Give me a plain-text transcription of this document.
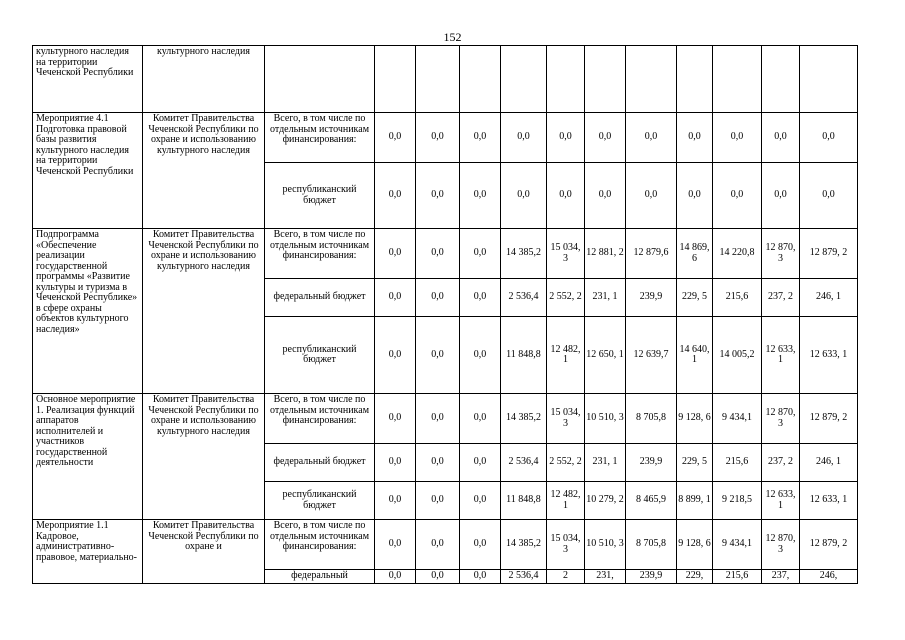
152
культурного наследия на территории Чеченской Республики	культурного наследия												
Мероприятие 4.1 Подготовка правовой базы развития культурного наследия на территории Чеченской Республики	Комитет Правительства Чеченской Республики по охране и использованию культурного наследия	Всего, в том числе по отдельным источникам финансирования:	0,0	0,0	0,0	0,0	0,0	0,0	0,0	0,0	0,0	0,0	0,0
		республиканский бюджет	0,0	0,0	0,0	0,0	0,0	0,0	0,0	0,0	0,0	0,0	0,0
Подпрограмма «Обеспечение реализации государственной программы «Развитие культуры и туризма в Чеченской Республике» в сфере охраны объектов культурного наследия»	Комитет Правительства Чеченской Республики по охране и использованию культурного наследия	Всего, в том числе по отдельным источникам финансирования:	0,0	0,0	0,0	14 385,2	15 034, 3	12 881, 2	12 879,6	14 869, 6	14 220,8	12 870, 3	12 879, 2
		федеральный бюджет	0,0	0,0	0,0	2 536,4	2 552, 2	231, 1	239,9	229, 5	215,6	237, 2	246, 1
		республиканский бюджет	0,0	0,0	0,0	11 848,8	12 482, 1	12 650, 1	12 639,7	14 640, 1	14 005,2	12 633, 1	12 633, 1
Основное мероприятие 1. Реализация функций аппаратов исполнителей и участников государственной деятельности	Комитет Правительства Чеченской Республики по охране и использованию культурного наследия	Всего, в том числе по отдельным источникам финансирования:	0,0	0,0	0,0	14 385,2	15 034, 3	10 510, 3	8 705,8	9 128, 6	9 434,1	12 870, 3	12 879, 2
		федеральный бюджет	0,0	0,0	0,0	2 536,4	2 552, 2	231, 1	239,9	229, 5	215,6	237, 2	246, 1
		республиканский бюджет	0,0	0,0	0,0	11 848,8	12 482, 1	10 279, 2	8 465,9	8 899, 1	9 218,5	12 633, 1	12 633, 1
Мероприятие 1.1 Кадровое, административно-правовое, материально-	Комитет Правительства Чеченской Республики по охране и	Всего, в том числе по отдельным источникам финансирования:	0,0	0,0	0,0	14 385,2	15 034, 3	10 510, 3	8 705,8	9 128, 6	9 434,1	12 870, 3	12 879, 2
		федеральный	0,0	0,0	0,0	2 536,4	2	231,	239,9	229,	215,6	237,	246,
